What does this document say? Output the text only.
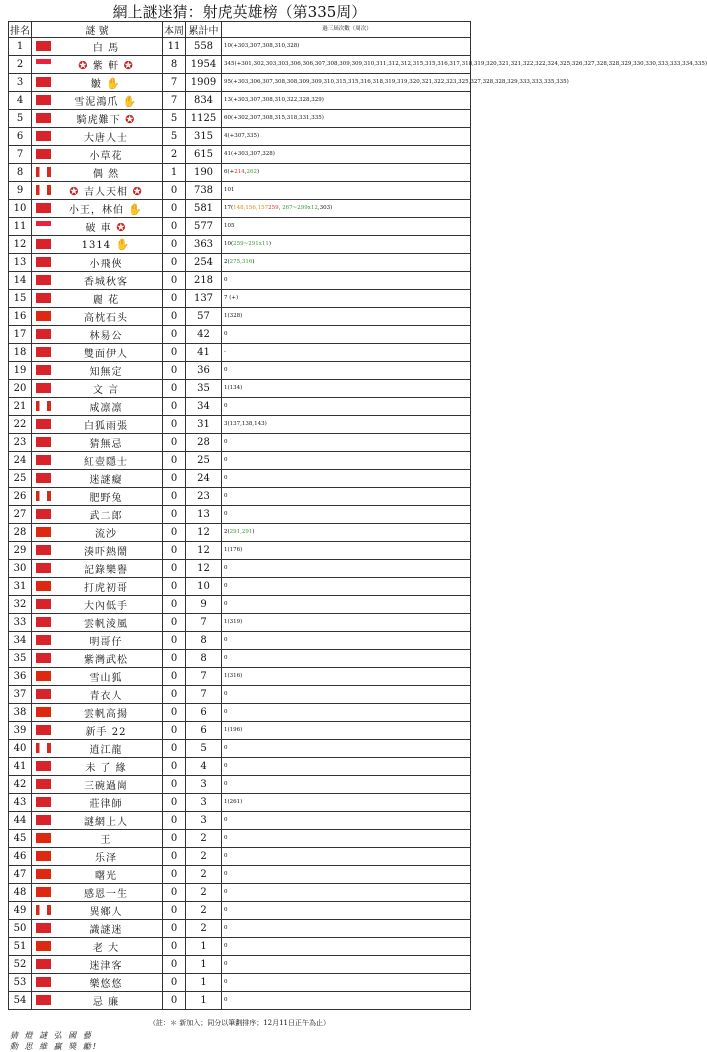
網上謎迷猜：射虎英雄榜（第335周）
排名	謎 號	本周	累計中	過三屆次數（周次）
1	白 馬	11	558	10(+303,307,308,310,328)
2	✪ 紫 軒 ✪	8	1954	345(+301,302,303,303,306,306,307,308,309,309,310,311,312,312,315,315,316,317,318,319,320,321,321,322,322,324,325,326,327,328,328,329,330,330,333,333,334,335)
3	皺 ✋	7	1909	95(+303,306,307,308,308,309,309,310,315,315,316,318,319,319,320,321,322,323,325,327,328,328,329,333,333,335,335)
4	雪泥鴻爪 ✋	7	834	13(+303,307,308,310,322,328,329)
5	騎虎難下 ✪	5	1125	60(+302,307,308,315,318,331,335)
6	大唐人士	5	315	4(+307,335)
7	小草花	2	615	41(+303,307,328)
8	偶 然	1	190	6(+214,262)
9	✪ 吉人天相 ✪	0	738	101
10	小王，林伯 ✋	0	581	17(148,156,157259, 267~299x12,303)
11	破 車 ✪	0	577	105
12	1314 ✋	0	363	10(259~291x11)
13	小飛俠	0	254	2(275,316)
14	香城秋客	0	218	0
15	麗 花	0	137	7 (+)
16	高枕石头	0	57	1(328)
17	林易公	0	42	0
18	雙面伊人	0	41	-
19	知無定	0	36	0
20	文 言	0	35	1(134)
21	咸凛凛	0	34	0
22	白狐雨張	0	31	3(137,138,143)
23	猜無忌	0	28	0
24	紅壺隱士	0	25	0
25	迷謎癡	0	24	0
26	肥野兔	0	23	0
27	武二郎	0	13	0
28	流沙	0	12	2(291,291)
29	湊吓熱鬧	0	12	1(176)
30	記錄樂譽	0	12	0
31	打虎初哥	0	10	0
32	大內低手	0	9	0
33	雲帆淩風	0	7	1(319)
34	明哥仔	0	8	0
35	紫灣武松	0	8	0
36	雪山狐	0	7	1(316)
37	青衣人	0	7	0
38	雲帆高揚	0	6	0
39	新手 22	0	6	1(196)
40	逍江龍	0	5	0
41	未 了 緣	0	4	0
42	三碗過崗	0	3	0
43	莊律師	0	3	1(261)
44	謎網上人	0	3	0
45	王	0	2	0
46	乐泽	0	2	0
47	曙光	0	2	0
48	感恩一生	0	2	0
49	異鄉人	0	2	0
50	識謎迷	0	2	0
51	老 大	0	1	0
52	迷津客	0	1	0
53	樂悠悠	0	1	0
54	忌 廉	0	1	0
（註：＊ 新加入；同分以筆劃排序；12月11日正午為止）
猜 燈 謎 弘 國 藝
動 思 維 贏 獎 勵!
